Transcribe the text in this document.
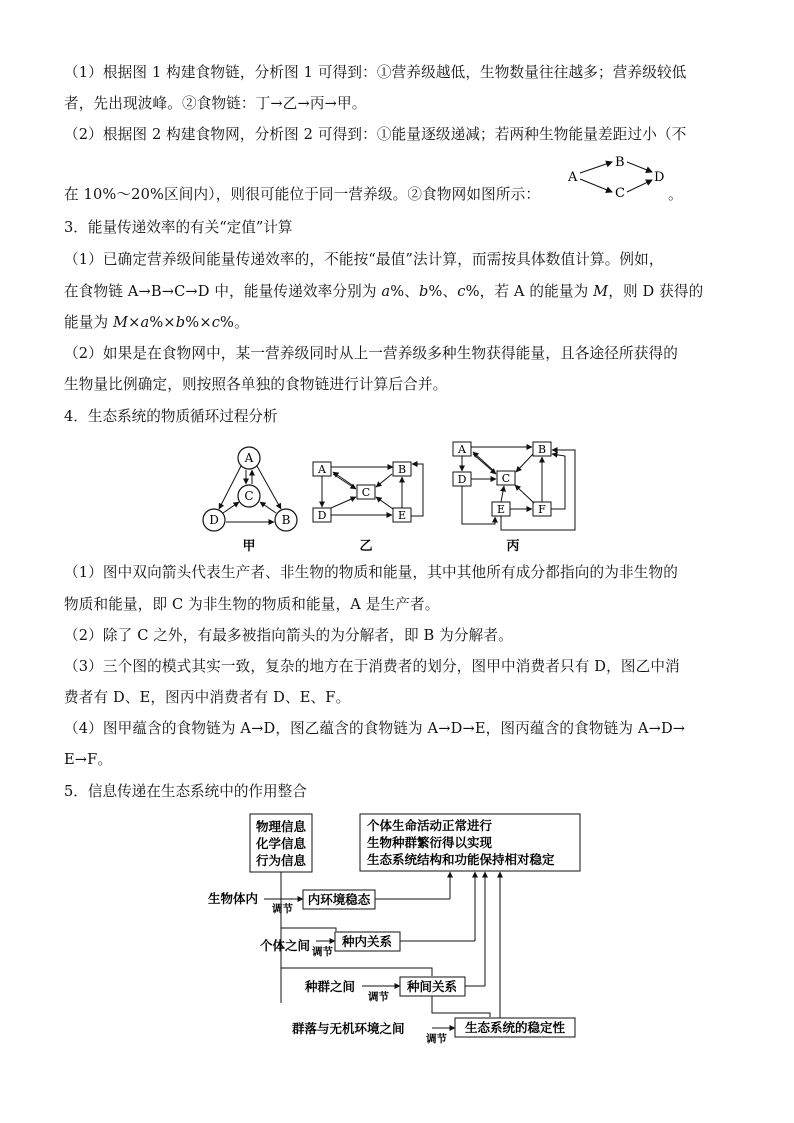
（1）根据图 1 构建食物链，分析图 1 可得到：①营养级越低，生物数量往往越多；营养级较低
者，先出现波峰。②食物链：丁→乙→丙→甲。
（2）根据图 2 构建食物网，分析图 2 可得到：①能量逐级递减；若两种生物能量差距过小（不
在 10%～20%区间内），则很可能位于同一营养级。②食物网如图所示：
A
B
C
D
。
3．能量传递效率的有关“定值”计算
（1）已确定营养级间能量传递效率的，不能按“最值”法计算，而需按具体数值计算。例如，
在食物链 A→B→C→D 中，能量传递效率分别为 a%、b%、c%，若 A 的能量为 M，则 D 获得的
能量为 M×a%×b%×c%。
（2）如果是在食物网中，某一营养级同时从上一营养级多种生物获得能量，且各途径所获得的
生物量比例确定，则按照各单独的食物链进行计算后合并。
4．生态系统的物质循环过程分析
A
C
D	B
甲
A	B
C
D	E
乙
A	B
C
D
E	F
丙
（1）图中双向箭头代表生产者、非生物的物质和能量，其中其他所有成分都指向的为非生物的
物质和能量，即 C 为非生物的物质和能量，A 是生产者。
（2）除了 C 之外，有最多被指向箭头的为分解者，即 B 为分解者。
（3）三个图的模式其实一致，复杂的地方在于消费者的划分，图甲中消费者只有 D，图乙中消
费者有 D、E，图丙中消费者有 D、E、F。
（4）图甲蕴含的食物链为 A→D，图乙蕴含的食物链为 A→D→E，图丙蕴含的食物链为 A→D→
E→F。
5．信息传递在生态系统中的作用整合
物理信息
化学信息
行为信息
个体生命活动正常进行
生物种群繁衍得以实现
生态系统结构和功能保持相对稳定
生物体内
调节
内环境稳态
个体之间 调节
种内关系
种群之间
调节
种间关系
群落与无机环境之间
调节
生态系统的稳定性
